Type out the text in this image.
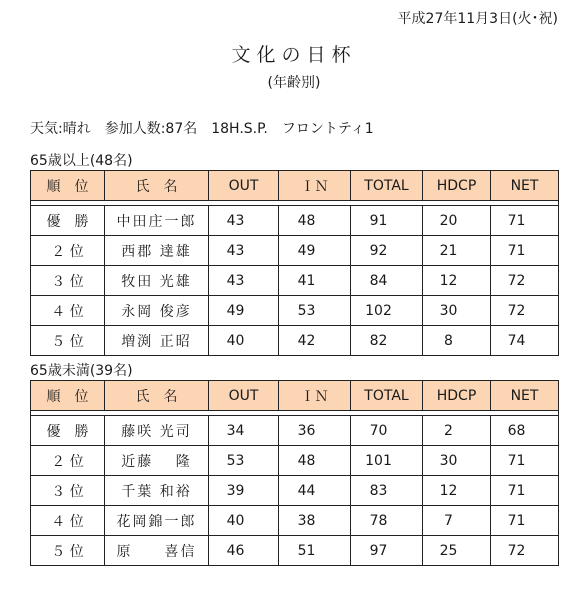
平成27年11月3日(火･祝)
文化の日杯
(年齢別)
天気:晴れ　参加人数:87名　18H.S.P.　フロントティ1
65歳以上(48名)
順　位	氏　名	OUT	ＩＮ	TOTAL	HDCP	NET

優　勝	中田庄一郎	43	48	91	20	71
２ 位	西郡 達雄	43	49	92	21	71
３ 位	牧田 光雄	43	41	84	12	72
４ 位	永岡 俊彦	49	53	102	30	72
５ 位	増渕 正昭	40	42	82	8	74
65歳未満(39名)
順　位	氏　名	OUT	ＩＮ	TOTAL	HDCP	NET

優　勝	藤咲 光司	34	36	70	2	68
２ 位	近藤　 隆	53	48	101	30	71
３ 位	千葉 和裕	39	44	83	12	71
４ 位	花岡錦一郎	40	38	78	7	71
５ 位	原　　喜信	46	51	97	25	72
